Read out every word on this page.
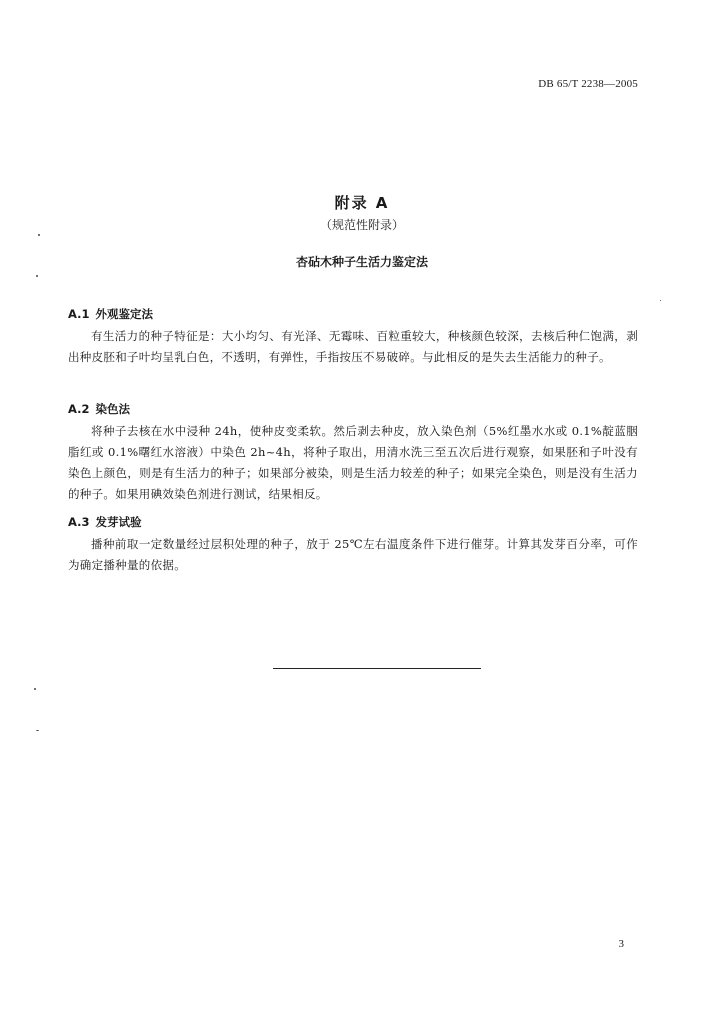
DB 65/T 2238—2005
附录 A
（规范性附录）
杏砧木种子生活力鉴定法
A.1 外观鉴定法
有生活力的种子特征是：大小均匀、有光泽、无霉味、百粒重较大，种核颜色较深，去核后种仁饱满，剥出种皮胚和子叶均呈乳白色，不透明，有弹性，手指按压不易破碎。与此相反的是失去生活能力的种子。
A.2 染色法
将种子去核在水中浸种 24h，使种皮变柔软。然后剥去种皮，放入染色剂（5%红墨水水或 0.1%靛蓝胭脂红或 0.1%曙红水溶液）中染色 2h~4h，将种子取出，用清水洗三至五次后进行观察，如果胚和子叶没有染色上颜色，则是有生活力的种子；如果部分被染，则是生活力较差的种子；如果完全染色，则是没有生活力的种子。如果用碘效染色剂进行测试，结果相反。
A.3 发芽试验
播种前取一定数量经过层积处理的种子，放于 25℃左右温度条件下进行催芽。计算其发芽百分率，可作为确定播种量的依据。
3
